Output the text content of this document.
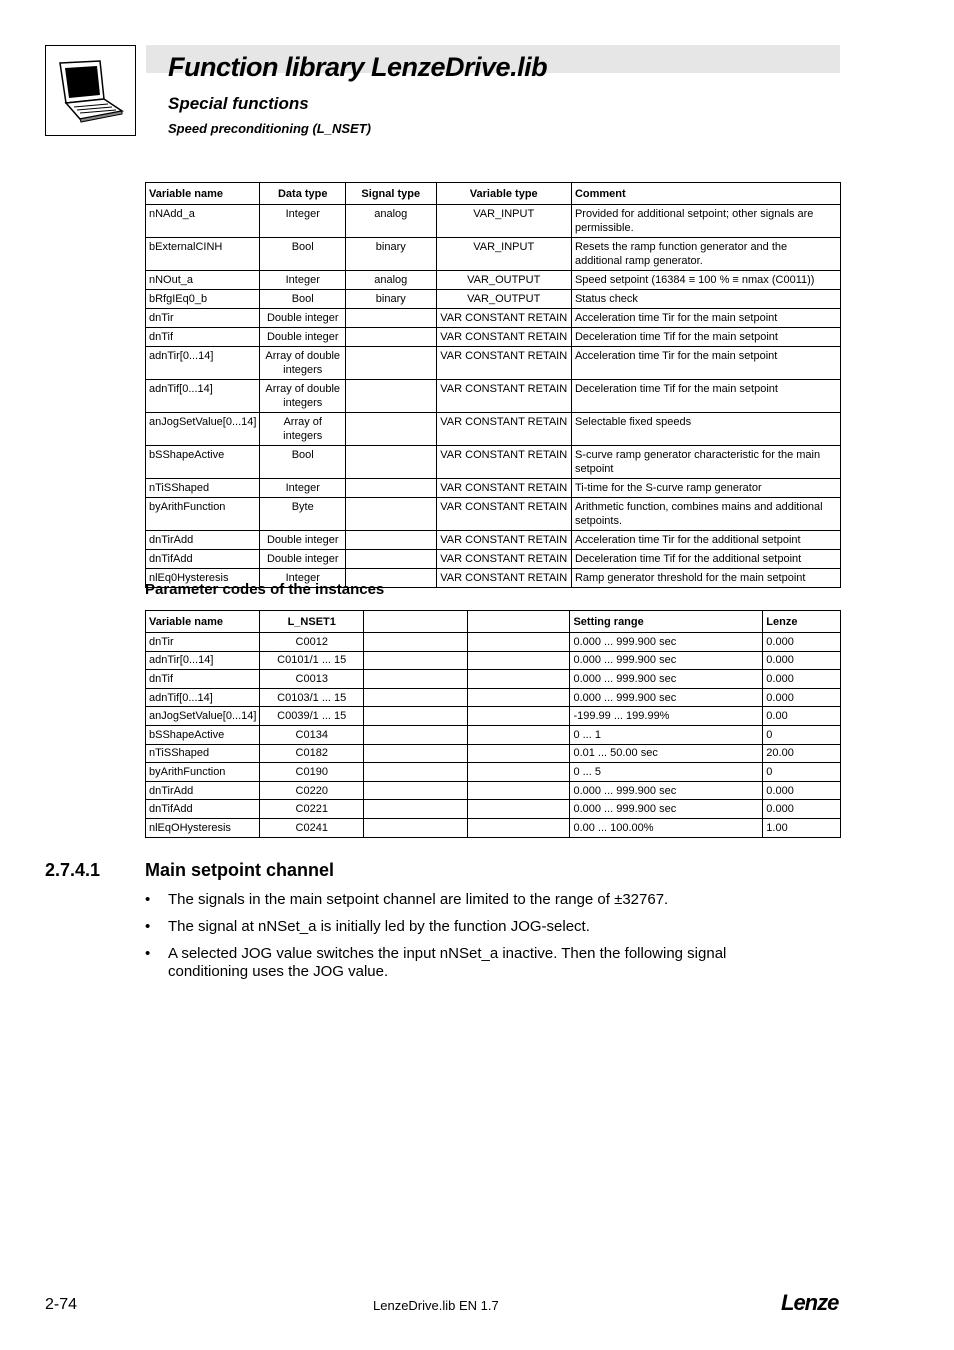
Function library LenzeDrive.lib
Special functions
Speed preconditioning (L_NSET)
Variable name	Data type	Signal type	Variable type	Comment
nNAdd_a	Integer	analog	VAR_INPUT	Provided for additional setpoint; other signals are permissible.
bExternalCINH	Bool	binary	VAR_INPUT	Resets the ramp function generator and the additional ramp generator.
nNOut_a	Integer	analog	VAR_OUTPUT	Speed setpoint (16384 ≡ 100 % ≡ nmax (C0011))
bRfgIEq0_b	Bool	binary	VAR_OUTPUT	Status check
dnTir	Double integer		VAR CONSTANT RETAIN	Acceleration time Tir for the main setpoint
dnTif	Double integer		VAR CONSTANT RETAIN	Deceleration time Tif for the main setpoint
adnTir[0...14]	Array of double integers		VAR CONSTANT RETAIN	Acceleration time Tir for the main setpoint
adnTif[0...14]	Array of double integers		VAR CONSTANT RETAIN	Deceleration time Tif for the main setpoint
anJogSetValue[0...14]	Array of integers		VAR CONSTANT RETAIN	Selectable fixed speeds
bSShapeActive	Bool		VAR CONSTANT RETAIN	S-curve ramp generator characteristic for the main setpoint
nTiSShaped	Integer		VAR CONSTANT RETAIN	Ti-time for the S-curve ramp generator
byArithFunction	Byte		VAR CONSTANT RETAIN	Arithmetic function, combines mains and additional setpoints.
dnTirAdd	Double integer		VAR CONSTANT RETAIN	Acceleration time Tir for the additional setpoint
dnTifAdd	Double integer		VAR CONSTANT RETAIN	Deceleration time Tif for the additional setpoint
nlEq0Hysteresis	Integer		VAR CONSTANT RETAIN	Ramp generator threshold for the main setpoint
Parameter codes of the instances
Variable name	L_NSET1			Setting range	Lenze
dnTir	C0012			0.000 ... 999.900 sec	0.000
adnTir[0...14]	C0101/1 ... 15			0.000 ... 999.900 sec	0.000
dnTif	C0013			0.000 ... 999.900 sec	0.000
adnTif[0...14]	C0103/1 ... 15			0.000 ... 999.900 sec	0.000
anJogSetValue[0...14]	C0039/1 ... 15			-199.99 ... 199.99%	0.00
bSShapeActive	C0134			0 ... 1	0
nTiSShaped	C0182			0.01 ... 50.00 sec	20.00
byArithFunction	C0190			0 ... 5	0
dnTirAdd	C0220			0.000 ... 999.900 sec	0.000
dnTifAdd	C0221			0.000 ... 999.900 sec	0.000
nlEqOHysteresis	C0241			0.00 ... 100.00%	1.00
2.7.4.1 Main setpoint channel
• The signals in the main setpoint channel are limited to the range of ±32767.
• The signal at nNSet_a is initially led by the function JOG-select.
• A selected JOG value switches the input nNSet_a inactive. Then the following signal conditioning uses the JOG value.
2-74	LenzeDrive.lib EN 1.7	Lenze
